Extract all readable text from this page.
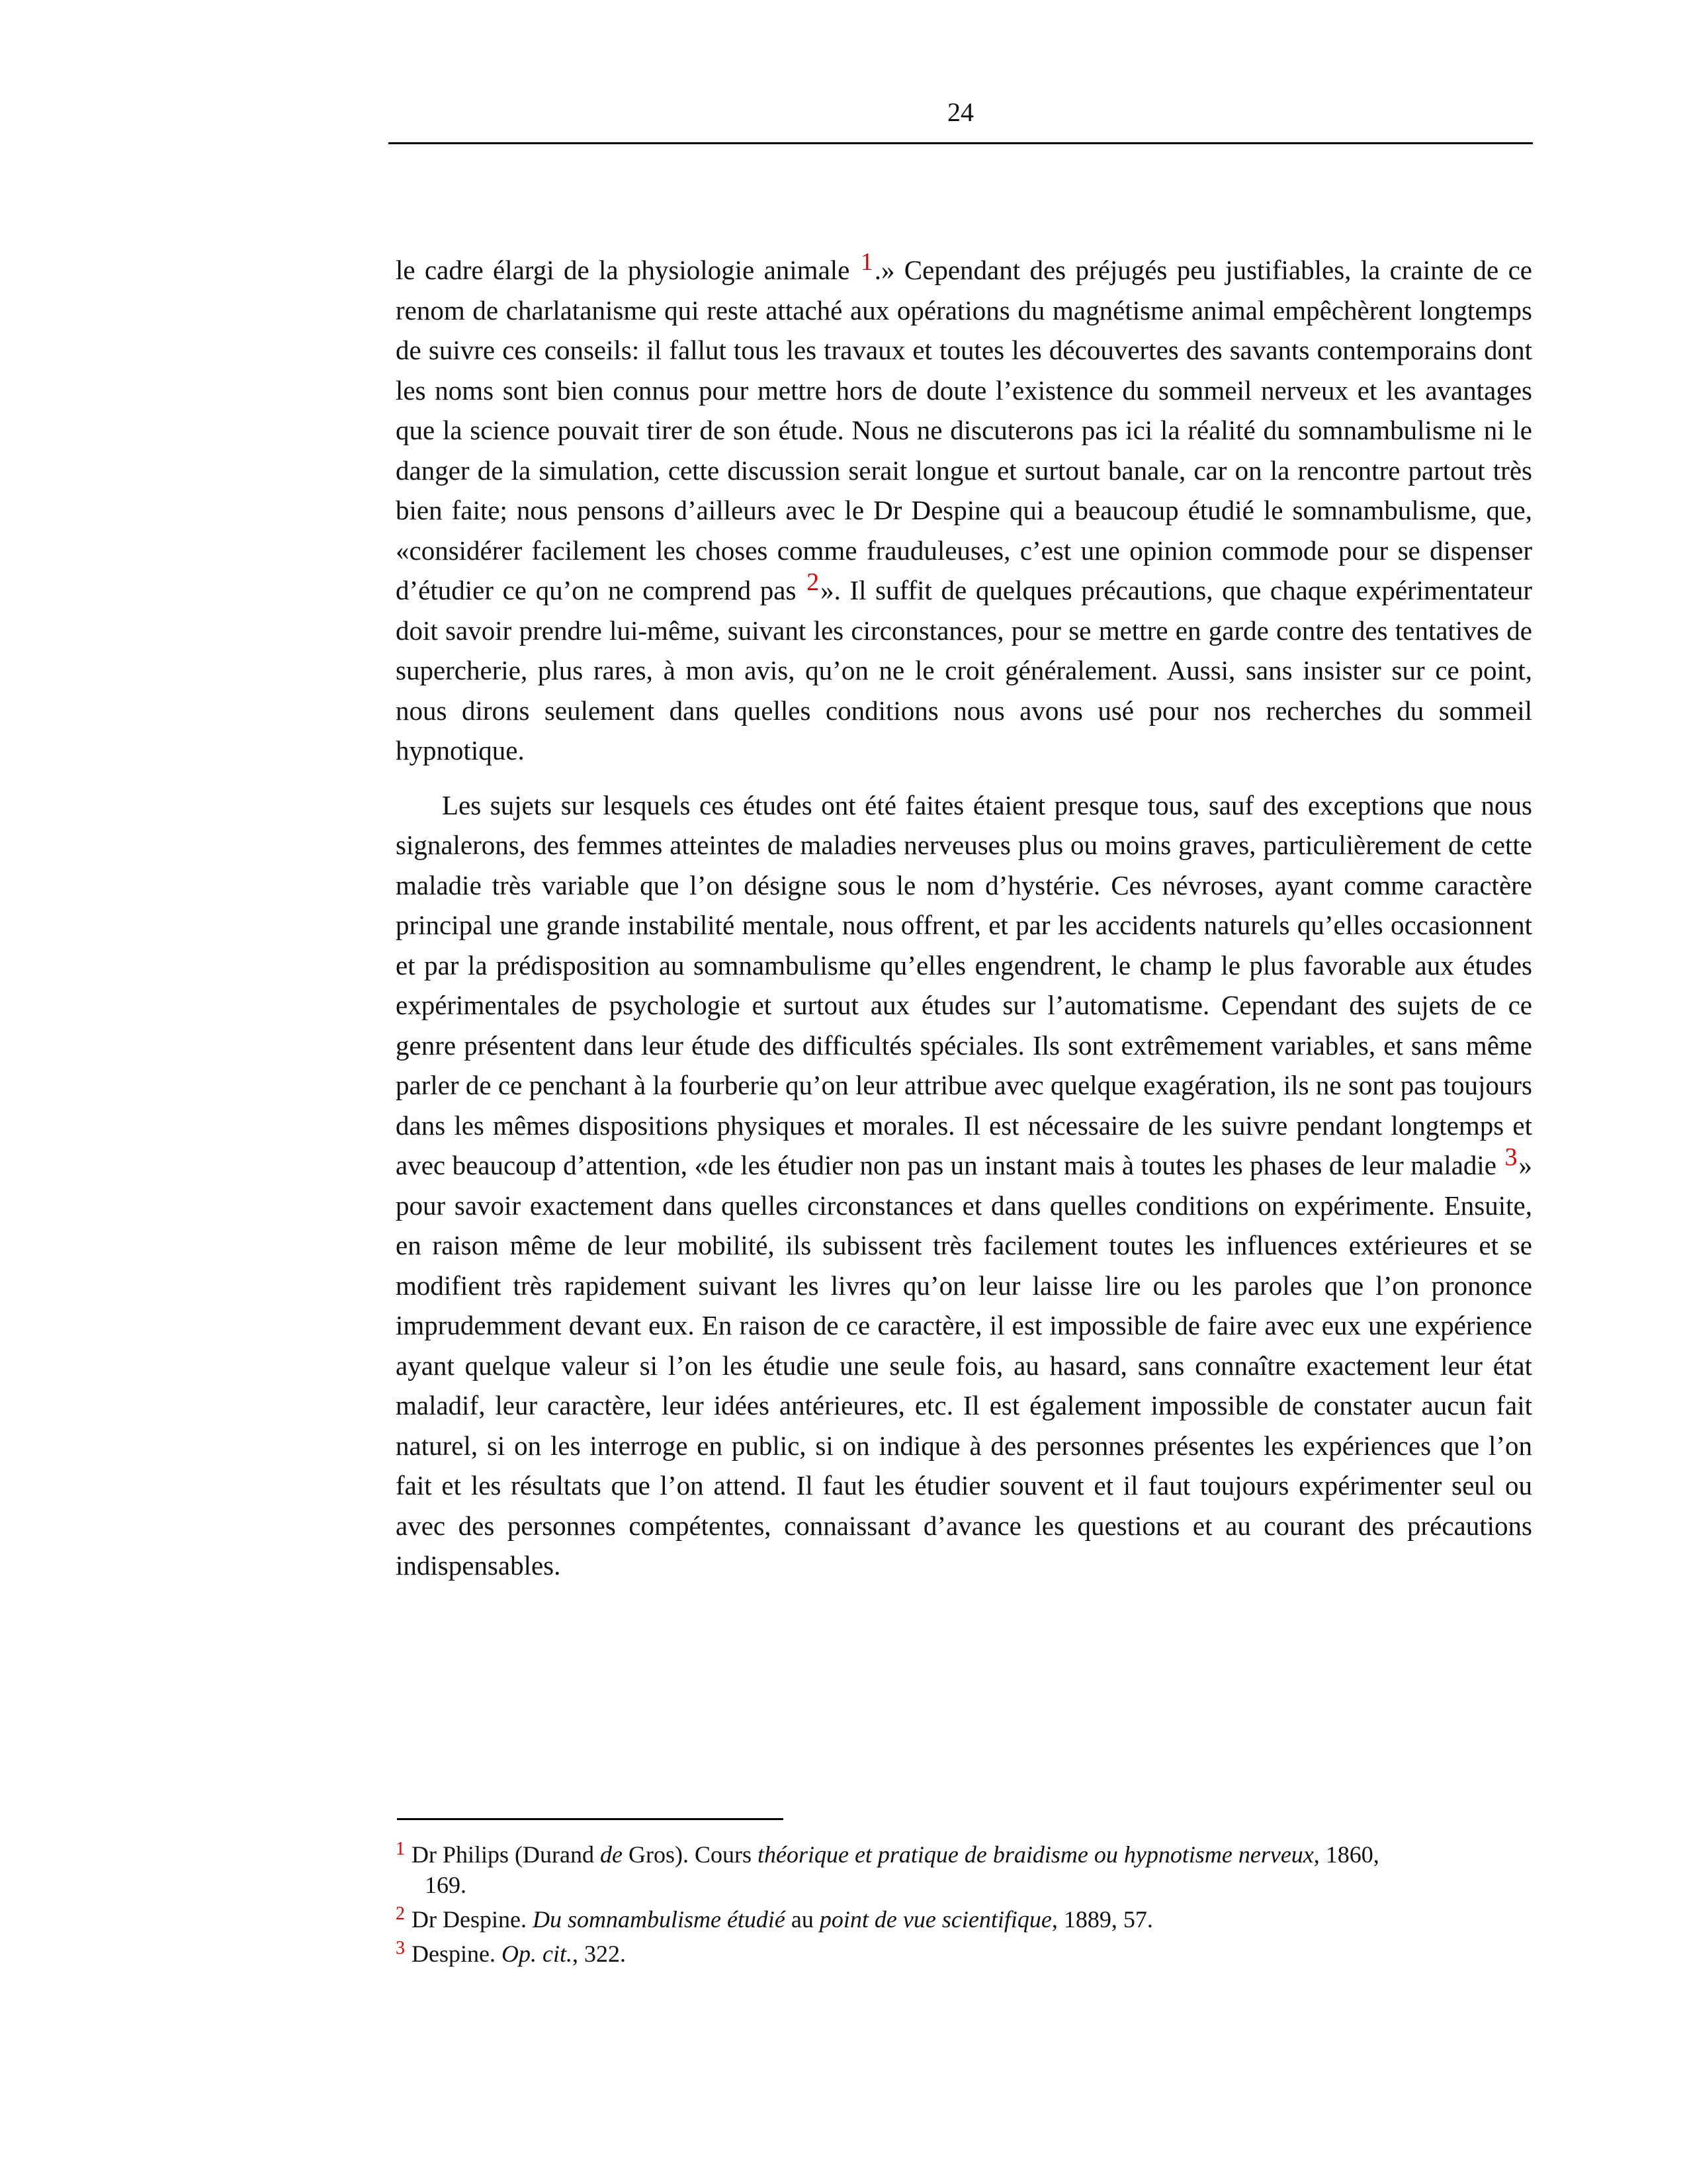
24

le cadre élargi de la physiologie animale 1.» Cependant des préjugés peu justifiables, la crainte de ce renom de charlatanisme qui reste attaché aux opérations du magnétisme animal empêchèrent longtemps de suivre ces conseils: il fallut tous les travaux et toutes les découvertes des savants contemporains dont les noms sont bien connus pour mettre hors de doute l’existence du sommeil nerveux et les avantages que la science pouvait tirer de son étude. Nous ne discuterons pas ici la réalité du somnambulisme ni le danger de la simulation, cette discussion serait longue et surtout banale, car on la rencontre partout très bien faite; nous pensons d’ailleurs avec le Dr Despine qui a beaucoup étudié le somnambulisme, que, «considérer facilement les choses comme frauduleuses, c’est une opinion commode pour se dispenser d’étudier ce qu’on ne comprend pas 2». Il suffit de quelques précautions, que chaque expérimentateur doit savoir prendre lui-même, suivant les circonstances, pour se mettre en garde contre des tentatives de supercherie, plus rares, à mon avis, qu’on ne le croit généralement. Aussi, sans insister sur ce point, nous dirons seulement dans quelles conditions nous avons usé pour nos recherches du sommeil hypnotique.

Les sujets sur lesquels ces études ont été faites étaient presque tous, sauf des exceptions que nous signalerons, des femmes atteintes de maladies nerveuses plus ou moins graves, particulièrement de cette maladie très variable que l’on désigne sous le nom d’hystérie. Ces névroses, ayant comme caractère principal une grande instabilité mentale, nous offrent, et par les accidents naturels qu’elles occasionnent et par la prédisposition au somnambulisme qu’elles engendrent, le champ le plus favorable aux études expérimentales de psychologie et surtout aux études sur l’automatisme. Cependant des sujets de ce genre présentent dans leur étude des difficultés spéciales. Ils sont extrêmement variables, et sans même parler de ce penchant à la fourberie qu’on leur attribue avec quelque exagération, ils ne sont pas toujours dans les mêmes dispositions physiques et morales. Il est nécessaire de les suivre pendant longtemps et avec beaucoup d’attention, «de les étudier non pas un instant mais à toutes les phases de leur maladie 3» pour savoir exactement dans quelles circonstances et dans quelles conditions on expérimente. Ensuite, en raison même de leur mobilité, ils subissent très facilement toutes les influences extérieures et se modifient très rapidement suivant les livres qu’on leur laisse lire ou les paroles que l’on prononce imprudemment devant eux. En raison de ce caractère, il est impossible de faire avec eux une expérience ayant quelque valeur si l’on les étudie une seule fois, au hasard, sans connaître exactement leur état maladif, leur caractère, leur idées antérieures, etc. Il est également impossible de constater aucun fait naturel, si on les interroge en public, si on indique à des personnes présentes les expériences que l’on fait et les résultats que l’on attend. Il faut les étudier souvent et il faut toujours expérimenter seul ou avec des personnes compétentes, connaissant d’avance les questions et au courant des précautions indispensables.

1 Dr Philips (Durand de Gros). Cours théorique et pratique de braidisme ou hypnotisme nerveux, 1860,
169.

2 Dr Despine. Du somnambulisme étudié au point de vue scientifique, 1889, 57.

3 Despine. Op. cit., 322.
